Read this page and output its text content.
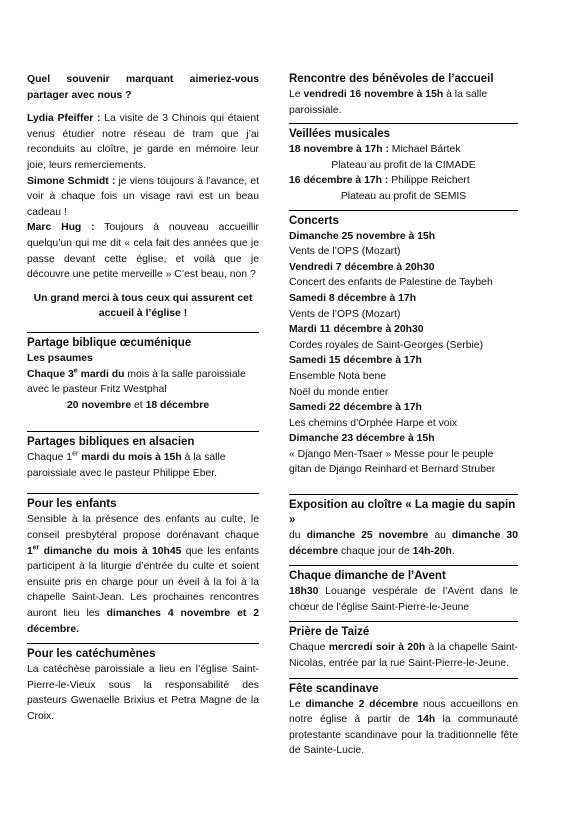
Quel souvenir marquant aimeriez-vous partager avec nous ?

Lydia Pfeiffer : La visite de 3 Chinois qui étaient venus étudier notre réseau de tram que j’ai reconduits au cloître, je garde en mémoire leur joie, leurs remerciements.

Simone Schmidt : je viens toujours à l’avance, et voir à chaque fois un visage ravi est un beau cadeau !

Marc Hug : Toujours à nouveau accueillir quelqu’un qui me dit « cela fait des années que je passe devant cette église, et voilà que je découvre une petite merveille » C’est beau, non ?

Un grand merci à tous ceux qui assurent cet accueil à l’église !

Partage biblique œcuménique

Les psaumes

Chaque 3e mardi du mois à la salle paroissiale avec le pasteur Fritz Westphal

20 novembre et 18 décembre

Partages bibliques en alsacien

Chaque 1er mardi du mois à 15h à la salle paroissiale avec le pasteur Philippe Eber.

Pour les enfants

Sensible à la présence des enfants au culte, le conseil presbytéral propose dorénavant chaque 1er dimanche du mois à 10h45 que les enfants participent à la liturgie d’entrée du culte et soient ensuite pris en charge pour un éveil à la foi à la chapelle Saint-Jean. Les prochaines rencontres auront lieu les dimanches 4 novembre et 2 décembre.

Pour les catéchumènes

La catéchèse paroissiale a lieu en l’église Saint-Pierre-le-Vieux sous la responsabilité des pasteurs Gwenaelle Brixius et Petra Magne de la Croix.

Rencontre des bénévoles de l’accueil

Le vendredi 16 novembre à 15h à la salle paroissiale.

Veillées musicales

18 novembre à 17h : Michael Bártek

Plateau au profit de la CIMADE

16 décembre à 17h : Philippe Reichert

Plateau au profit de SEMIS

Concerts

Dimanche 25 novembre à 15h

Vents de l’OPS (Mozart)

Vendredi 7 décembre à 20h30

Concert des enfants de Palestine de Taybeh

Samedi 8 décembre à 17h

Vents de l’OPS (Mozart)

Mardi 11 décembre à 20h30

Cordes royales de Saint-Georges (Serbie)

Samedi 15 décembre à 17h

Ensemble Nota bene

Noël du monde entier

Samedi 22 décembre à 17h

Les chemins d’Orphée Harpe et voix

Dimanche 23 décembre à 15h

« Django Men-Tsaer » Messe pour le peuple gitan de Django Reinhard et Bernard Struber

Exposition au cloître « La magie du sapin »

du dimanche 25 novembre au dimanche 30 décembre chaque jour de 14h-20h.

Chaque dimanche de l’Avent

18h30 Louange vespérale de l’Avent dans le chœur de l’église Saint-Pierre-le-Jeune

Prière de Taizé

Chaque mercredi soir à 20h à la chapelle Saint-Nicolas, entrée par la rue Saint-Pierre-le-Jeune.

Fête scandinave

Le dimanche 2 décembre nous accueillons en notre église à partir de 14h la communauté protestante scandinave pour la traditionnelle fête de Sainte-Lucie.
